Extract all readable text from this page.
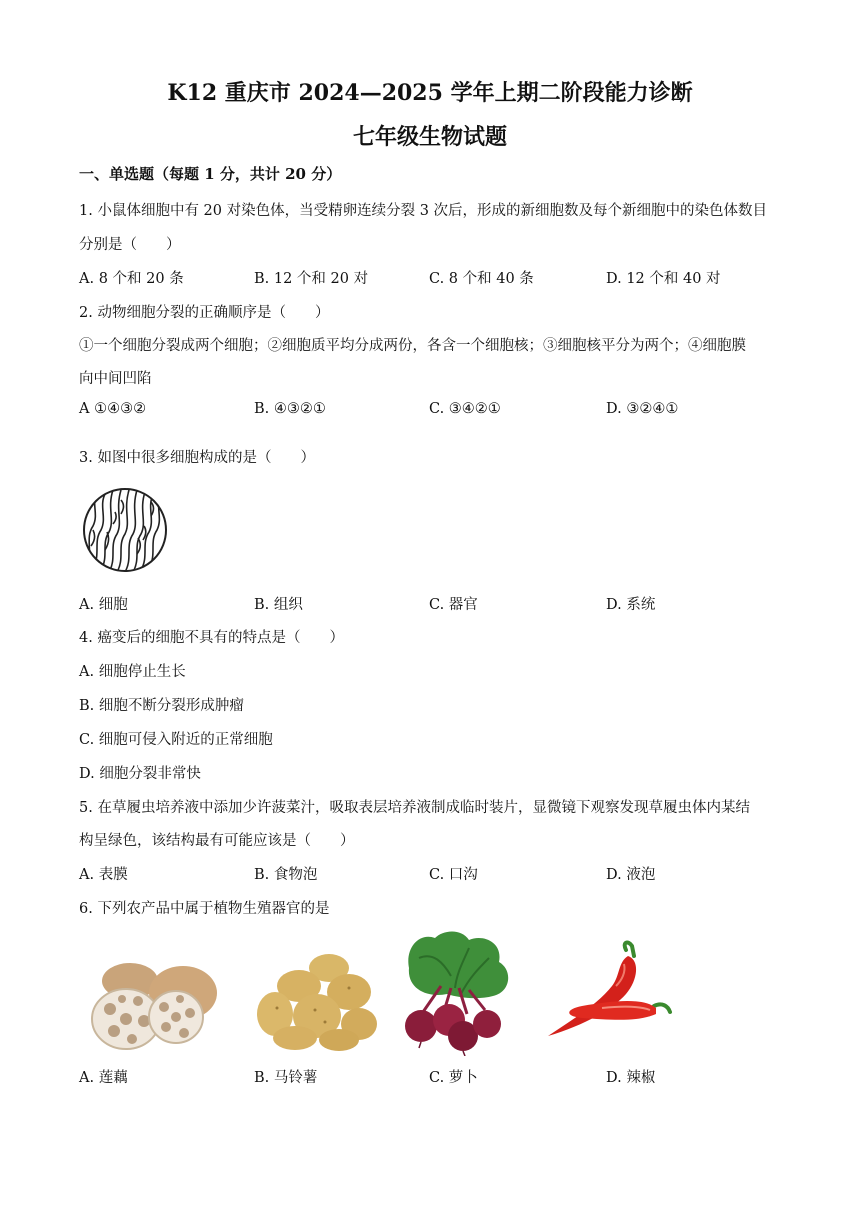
K12 重庆市 2024—2025 学年上期二阶段能力诊断
七年级生物试题
一、单选题（每题 1 分，共计 20 分）
1. 小鼠体细胞中有 20 对染色体，当受精卵连续分裂 3 次后，形成的新细胞数及每个新细胞中的染色体数目
分别是（　　）
A. 8 个和 20 条	B. 12 个和 20 对	C. 8 个和 40 条	D. 12 个和 40 对
2. 动物细胞分裂的正确顺序是（　　）
①一个细胞分裂成两个细胞；②细胞质平均分成两份，各含一个细胞核；③细胞核平分为两个；④细胞膜
向中间凹陷
A ①④③②	B. ④③②①	C. ③④②①	D. ③②④①
3. 如图中很多细胞构成的是（　　）
A. 细胞	B. 组织	C. 器官	D. 系统
4. 癌变后的细胞不具有的特点是（　　）
A. 细胞停止生长
B. 细胞不断分裂形成肿瘤
C. 细胞可侵入附近的正常细胞
D. 细胞分裂非常快
5. 在草履虫培养液中添加少许菠菜汁，吸取表层培养液制成临时装片，显微镜下观察发现草履虫体内某结
构呈绿色，该结构最有可能应该是（　　）
A. 表膜	B. 食物泡	C. 口沟	D. 液泡
6. 下列农产品中属于植物生殖器官的是
A. 莲藕	B. 马铃薯	C. 萝卜	D. 辣椒
